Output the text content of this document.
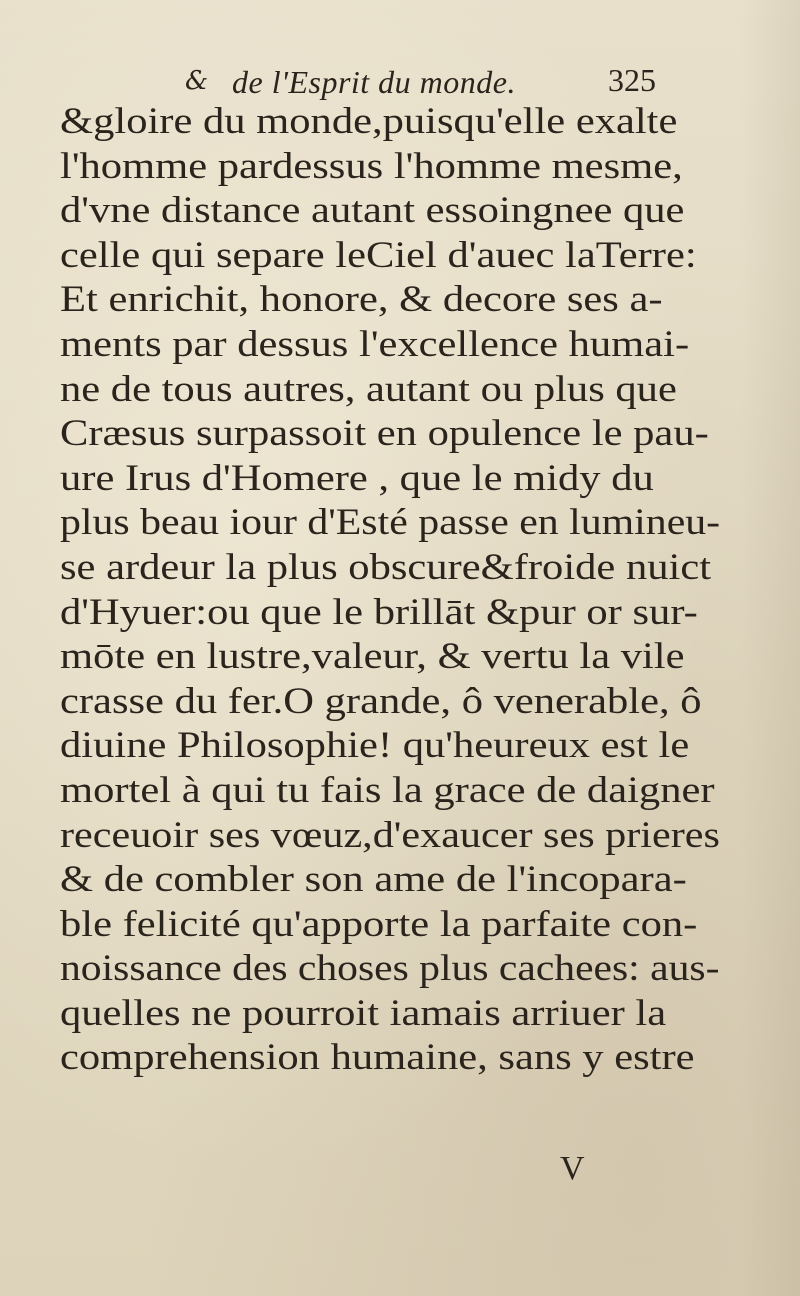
& de l'Esprit du monde.	325
&gloire du monde,puisqu'elle exalte
l'homme pardessus l'homme mesme,
d'vne distance autant essoingnee que
celle qui separe leCiel d'auec laTerre:
Et enrichit, honore, & decore ses a-
ments par dessus l'excellence humai-
ne de tous autres, autant ou plus que
Cræsus surpassoit en opulence le pau-
ure Irus d'Homere , que le midy du
plus beau iour d'Esté passe en lumineu-
se ardeur la plus obscure&froide nuict
d'Hyuer:ou que le brillāt &pur or sur-
mōte en lustre,valeur, & vertu la vile
crasse du fer.O grande, ô venerable, ô
diuine Philosophie! qu'heureux est le
mortel à qui tu fais la grace de daigner
receuoir ses vœuz,d'exaucer ses prieres
& de combler son ame de l'incopara-
ble felicité qu'apporte la parfaite con-
noissance des choses plus cachees: aus-
quelles ne pourroit iamais arriuer la
comprehension humaine, sans y estre
V
